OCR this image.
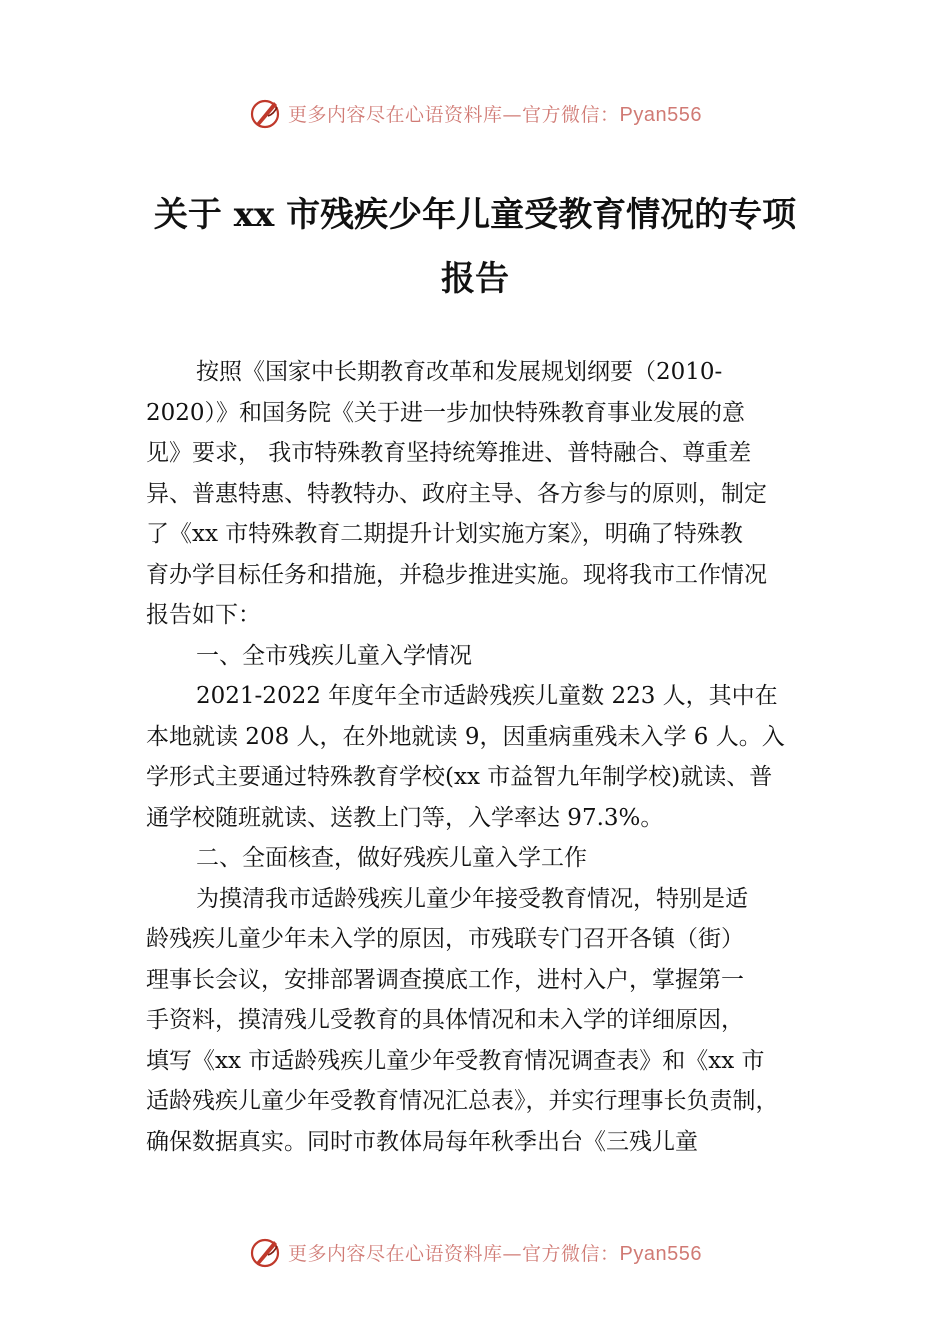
更多内容尽在心语资料库—官方微信：Pyan556
关于 xx 市残疾少年儿童受教育情况的专项
报告
按照《国家中长期教育改革和发展规划纲要（2010-
2020）》和国务院《关于进一步加快特殊教育事业发展的意
见》要求， 我市特殊教育坚持统筹推进、普特融合、尊重差
异、普惠特惠、特教特办、政府主导、各方参与的原则，制定
了《xx 市特殊教育二期提升计划实施方案》，明确了特殊教
育办学目标任务和措施，并稳步推进实施。现将我市工作情况
报告如下：
一、全市残疾儿童入学情况
2021-2022 年度年全市适龄残疾儿童数 223 人，其中在
本地就读 208 人，在外地就读 9，因重病重残未入学 6 人。入
学形式主要通过特殊教育学校(xx 市益智九年制学校)就读、普
通学校随班就读、送教上门等，入学率达 97.3%。
二、全面核查，做好残疾儿童入学工作
为摸清我市适龄残疾儿童少年接受教育情况，特别是适
龄残疾儿童少年未入学的原因，市残联专门召开各镇（街）
理事长会议，安排部署调查摸底工作，进村入户，掌握第一
手资料，摸清残儿受教育的具体情况和未入学的详细原因，
填写《xx 市适龄残疾儿童少年受教育情况调查表》和《xx 市
适龄残疾儿童少年受教育情况汇总表》，并实行理事长负责制，
确保数据真实。同时市教体局每年秋季出台《三残儿童
更多内容尽在心语资料库—官方微信：Pyan556
